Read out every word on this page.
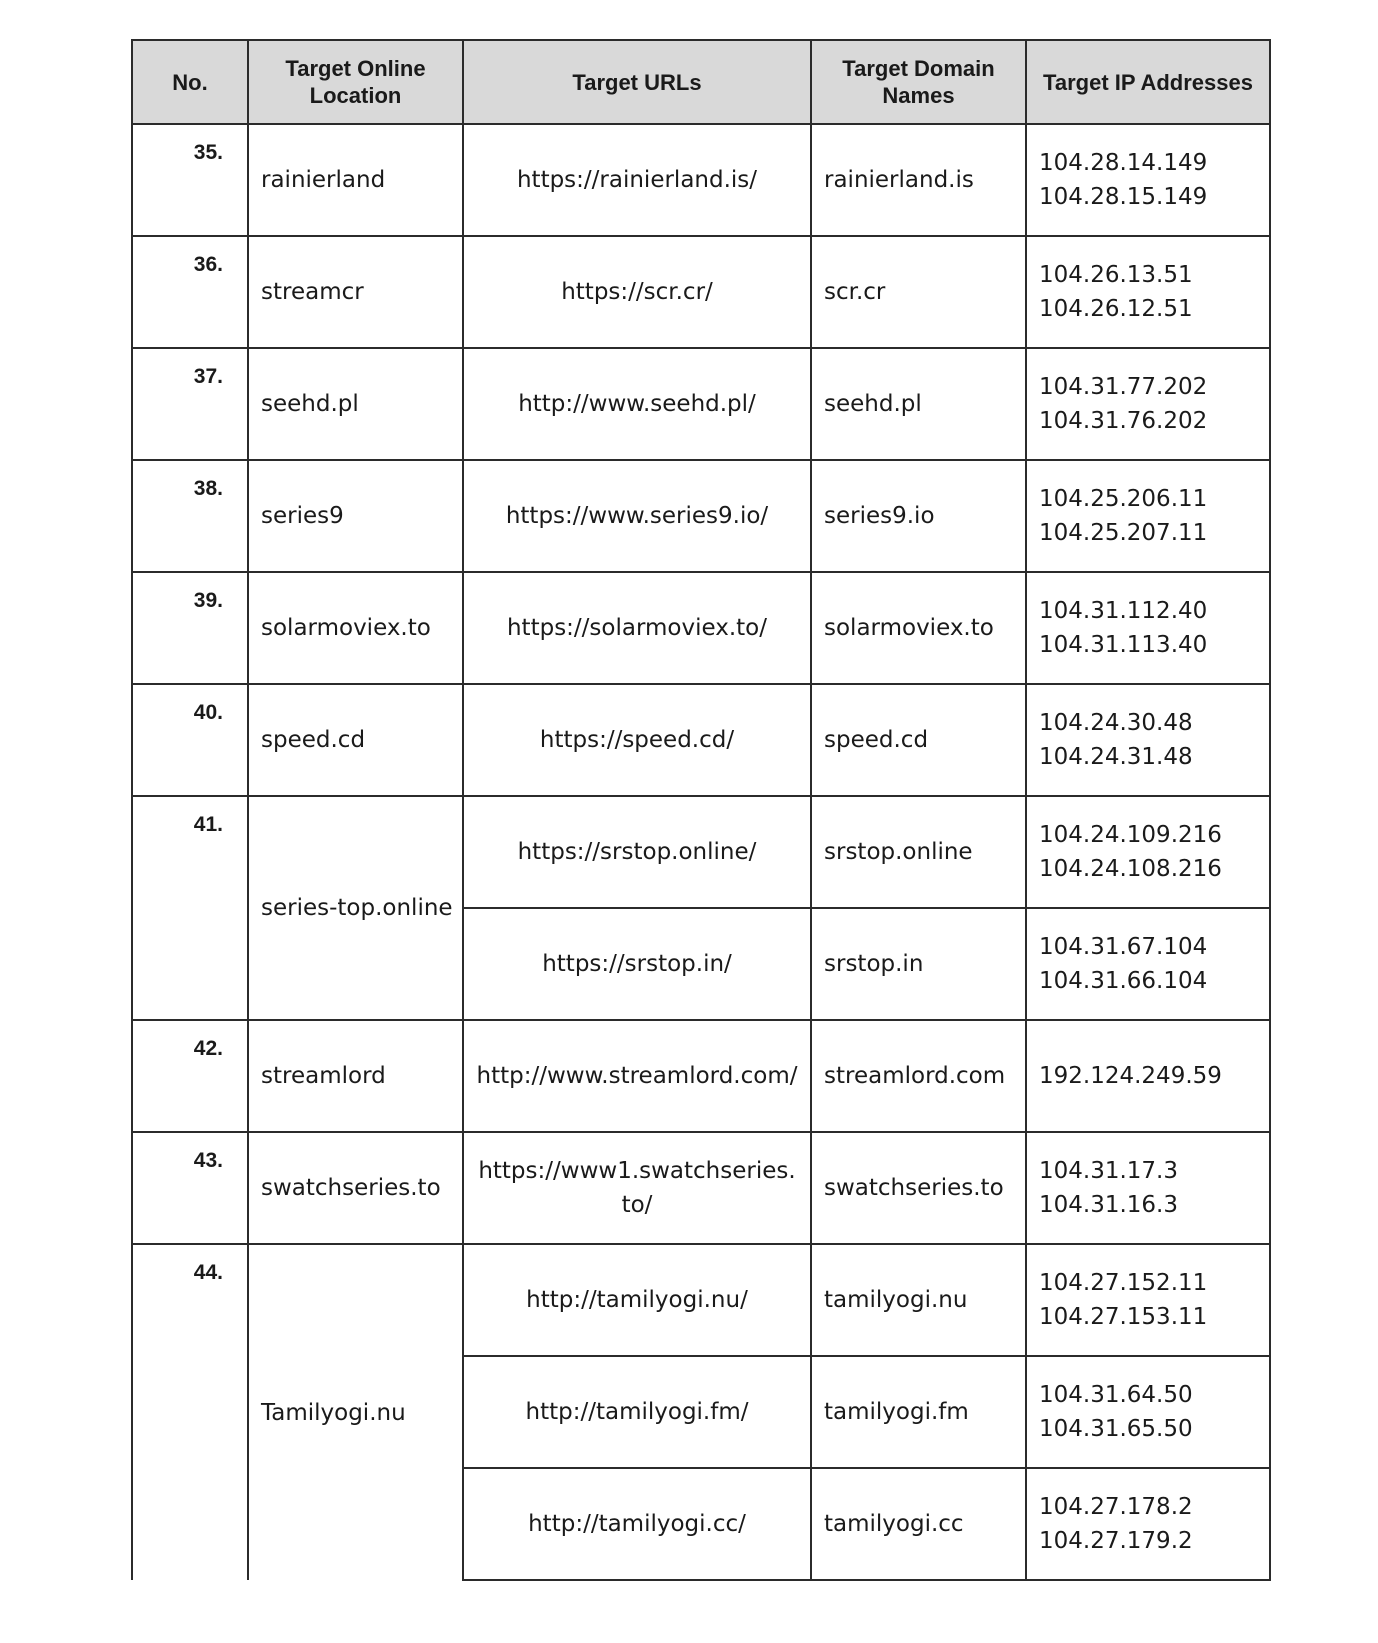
No.	Target Online Location	Target URLs	Target Domain Names	Target IP Addresses
35.	rainierland	https://rainierland.is/	rainierland.is	104.28.14.149
104.28.15.149

36.	streamcr	https://scr.cr/	scr.cr	104.26.13.51
104.26.12.51

37.	seehd.pl	http://www.seehd.pl/	seehd.pl	104.31.77.202
104.31.76.202

38.	series9	https://www.series9.io/	series9.io	104.25.206.11
104.25.207.11

39.	solarmoviex.to	https://solarmoviex.to/	solarmoviex.to	104.31.112.40
104.31.113.40

40.	speed.cd	https://speed.cd/	speed.cd	104.24.30.48
104.24.31.48

41.	series-top.online	https://srstop.online/	srstop.online	104.24.109.216
104.24.108.216

		https://srstop.in/	srstop.in	104.31.67.104
104.31.66.104

42.	streamlord	http://www.streamlord.com/	streamlord.com	192.124.249.59

43.	swatchseries.to	https://www1.swatchseries.to/	swatchseries.to	104.31.17.3
104.31.16.3

44.	Tamilyogi.nu	http://tamilyogi.nu/	tamilyogi.nu	104.27.152.11
104.27.153.11

		http://tamilyogi.fm/	tamilyogi.fm	104.31.64.50
104.31.65.50

		http://tamilyogi.cc/	tamilyogi.cc	104.27.178.2
104.27.179.2
